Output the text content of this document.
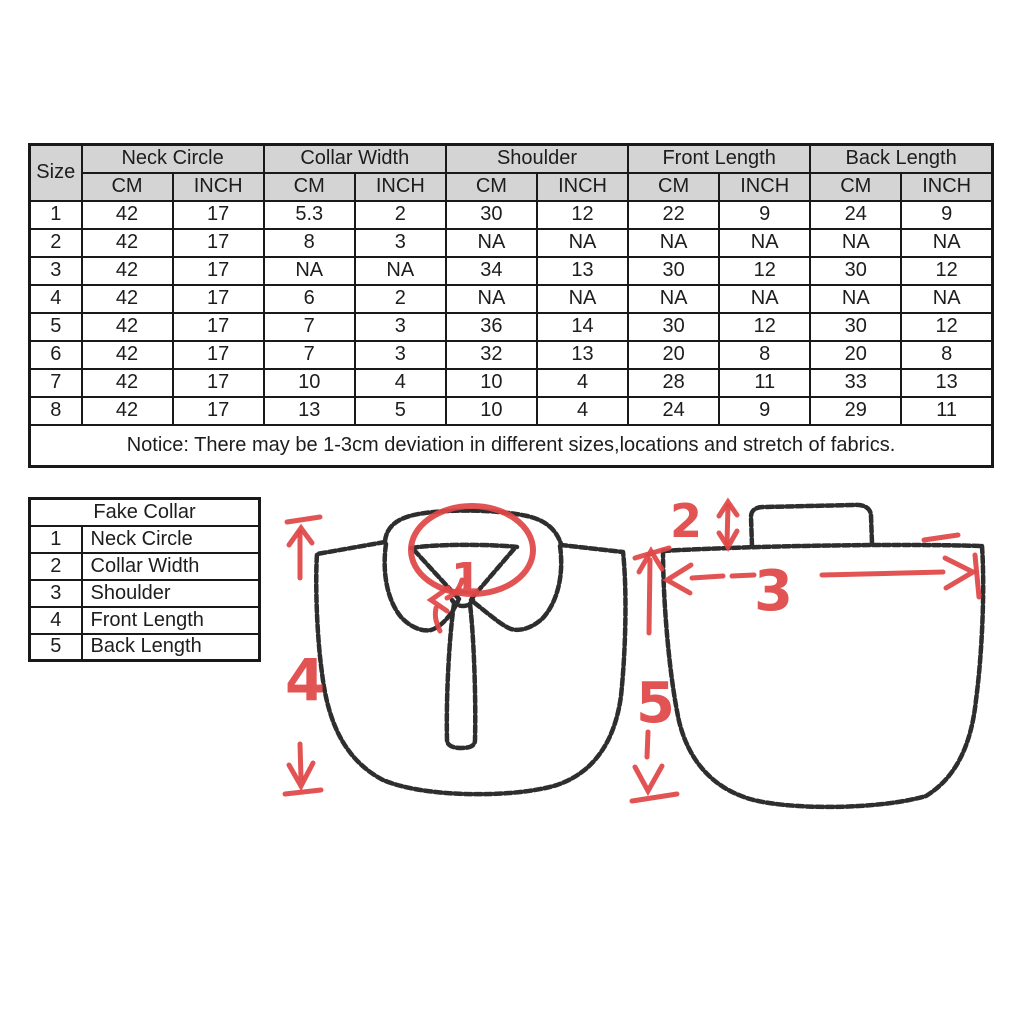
Size	Neck Circle		Collar Width		Shoulder		Front Length		Back Length	
	CM	INCH	CM	INCH	CM	INCH	CM	INCH	CM	INCH
1	42	17	5.3	2	30	12	22	9	24	9
2	42	17	8	3	NA	NA	NA	NA	NA	NA
3	42	17	NA	NA	34	13	30	12	30	12
4	42	17	6	2	NA	NA	NA	NA	NA	NA
5	42	17	7	3	36	14	30	12	30	12
6	42	17	7	3	32	13	20	8	20	8
7	42	17	10	4	10	4	28	11	33	13
8	42	17	13	5	10	4	24	9	29	11
Notice: There may be 1-3cm deviation in different sizes,locations and stretch of fabrics.										
Fake Collar	
1	Neck Circle
2	Collar Width
3	Shoulder
4	Front Length
5	Back Length
1
4
2
3
5
